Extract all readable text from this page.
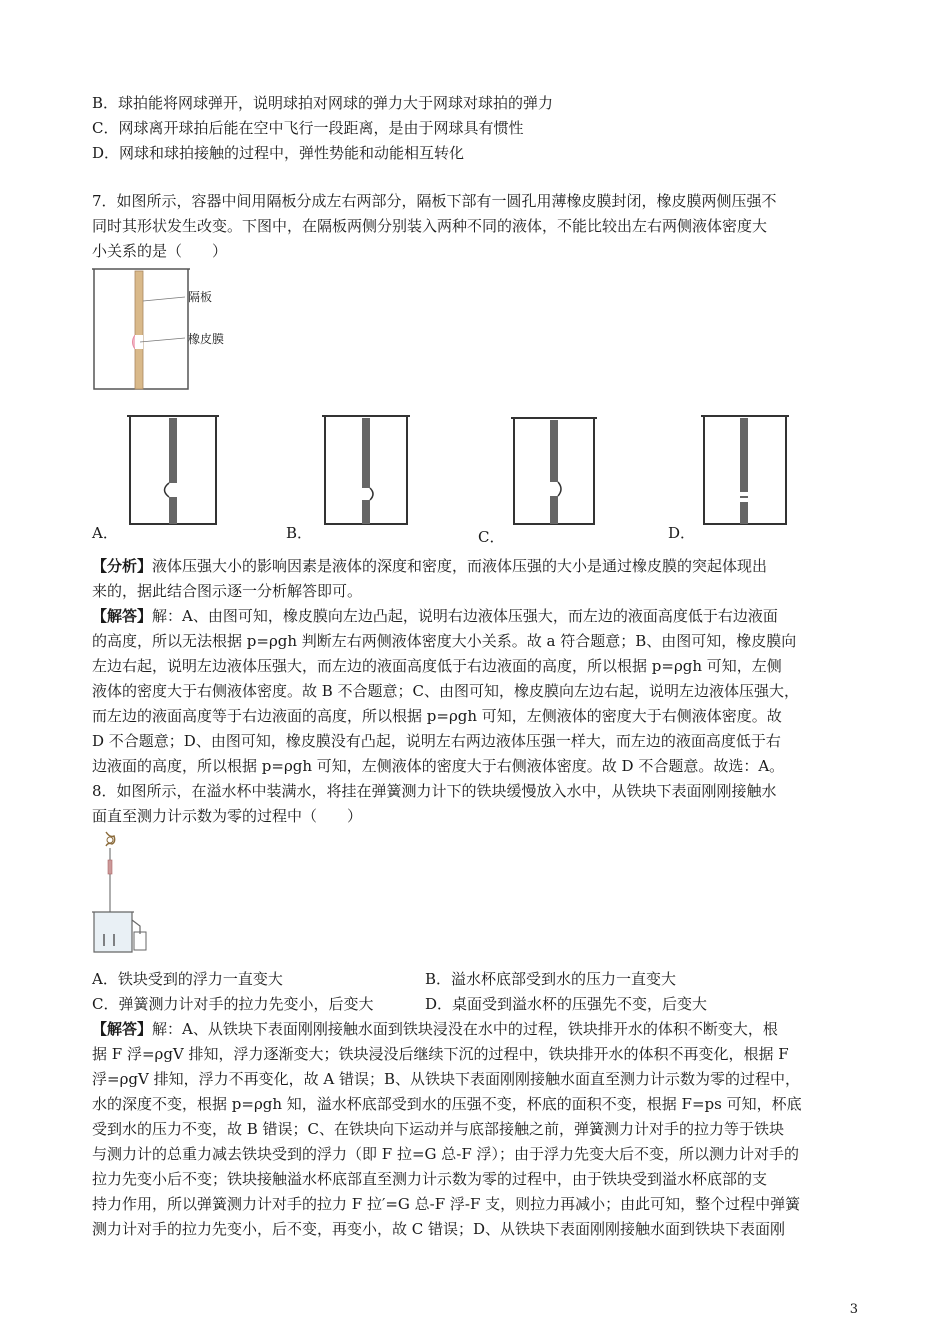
B．球拍能将网球弹开，说明球拍对网球的弹力大于网球对球拍的弹力
C．网球离开球拍后能在空中飞行一段距离，是由于网球具有惯性
D．网球和球拍接触的过程中，弹性势能和动能相互转化
7．如图所示，容器中间用隔板分成左右两部分，隔板下部有一圆孔用薄橡皮膜封闭，橡皮膜两侧压强不
同时其形状发生改变。下图中，在隔板两侧分别装入两种不同的液体，不能比较出左右两侧液体密度大
小关系的是（　　）
隔板
橡皮膜
A．	B．	C．	D．
【分析】液体压强大小的影响因素是液体的深度和密度，而液体压强的大小是通过橡皮膜的突起体现出
来的，据此结合图示逐一分析解答即可。
【解答】解：A、由图可知，橡皮膜向左边凸起，说明右边液体压强大，而左边的液面高度低于右边液面
的高度，所以无法根据 p=ρgh 判断左右两侧液体密度大小关系。故 a 符合题意；B、由图可知，橡皮膜向
左边右起，说明左边液体压强大，而左边的液面高度低于右边液面的高度，所以根据 p=ρgh 可知，左侧
液体的密度大于右侧液体密度。故 B 不合题意；C、由图可知，橡皮膜向左边右起，说明左边液体压强大，
而左边的液面高度等于右边液面的高度，所以根据 p=ρgh 可知，左侧液体的密度大于右侧液体密度。故
D 不合题意；D、由图可知，橡皮膜没有凸起，说明左右两边液体压强一样大，而左边的液面高度低于右
边液面的高度，所以根据 p=ρgh 可知，左侧液体的密度大于右侧液体密度。故 D 不合题意。故选：A。
8．如图所示，在溢水杯中装满水，将挂在弹簧测力计下的铁块缓慢放入水中，从铁块下表面刚刚接触水
面直至测力计示数为零的过程中（　　）
A．铁块受到的浮力一直变大	B．溢水杯底部受到水的压力一直变大
C．弹簧测力计对手的拉力先变小，后变大	D．桌面受到溢水杯的压强先不变，后变大
【解答】解：A、从铁块下表面刚刚接触水面到铁块浸没在水中的过程，铁块排开水的体积不断变大，根
据 F 浮=ρgV 排知，浮力逐渐变大；铁块浸没后继续下沉的过程中，铁块排开水的体积不再变化，根据 F
浮=ρgV 排知，浮力不再变化，故 A 错误；B、从铁块下表面刚刚接触水面直至测力计示数为零的过程中，
水的深度不变，根据 p=ρgh 知，溢水杯底部受到水的压强不变，杯底的面积不变，根据 F=ps 可知，杯底
受到水的压力不变，故 B 错误；C、在铁块向下运动并与底部接触之前，弹簧测力计对手的拉力等于铁块
与测力计的总重力减去铁块受到的浮力（即 F 拉=G 总-F 浮）；由于浮力先变大后不变，所以测力计对手的
拉力先变小后不变；铁块接触溢水杯底部直至测力计示数为零的过程中，由于铁块受到溢水杯底部的支
持力作用，所以弹簧测力计对手的拉力 F 拉′=G 总-F 浮-F 支，则拉力再减小；由此可知，整个过程中弹簧
测力计对手的拉力先变小，后不变，再变小，故 C 错误；D、从铁块下表面刚刚接触水面到铁块下表面刚
3
